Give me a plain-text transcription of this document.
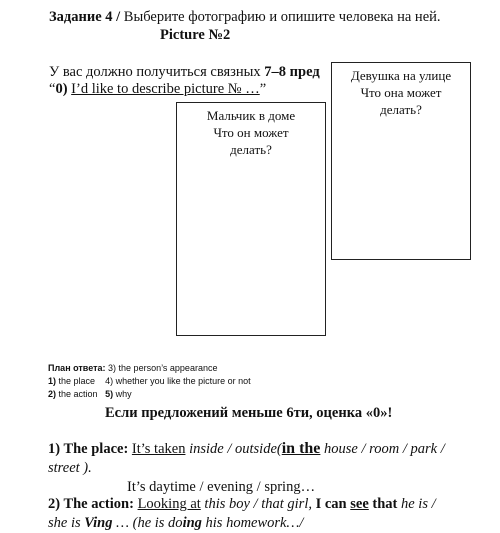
Задание 4 / Выберите фотографию и опишите человека на ней.
Picture №2
У вас должно получиться связных 7–8 пред
“0) I’d like to describe picture № …”
Девушка на улице
Что она может
делать?
Мальчик в доме
Что он может
делать?
План ответа: 3) the person’s appearance
1) the place 4) whether you like the picture or not
2) the action 5) why
Если предложений меньше 6ти, оценка «0»!
1) The place: It’s taken inside / outside(in the house / room / park /
street ).
It’s daytime / evening / spring…
2) The action: Looking at this boy / that girl, I can see that he is /
she is Ving … (he is doing his homework…/
